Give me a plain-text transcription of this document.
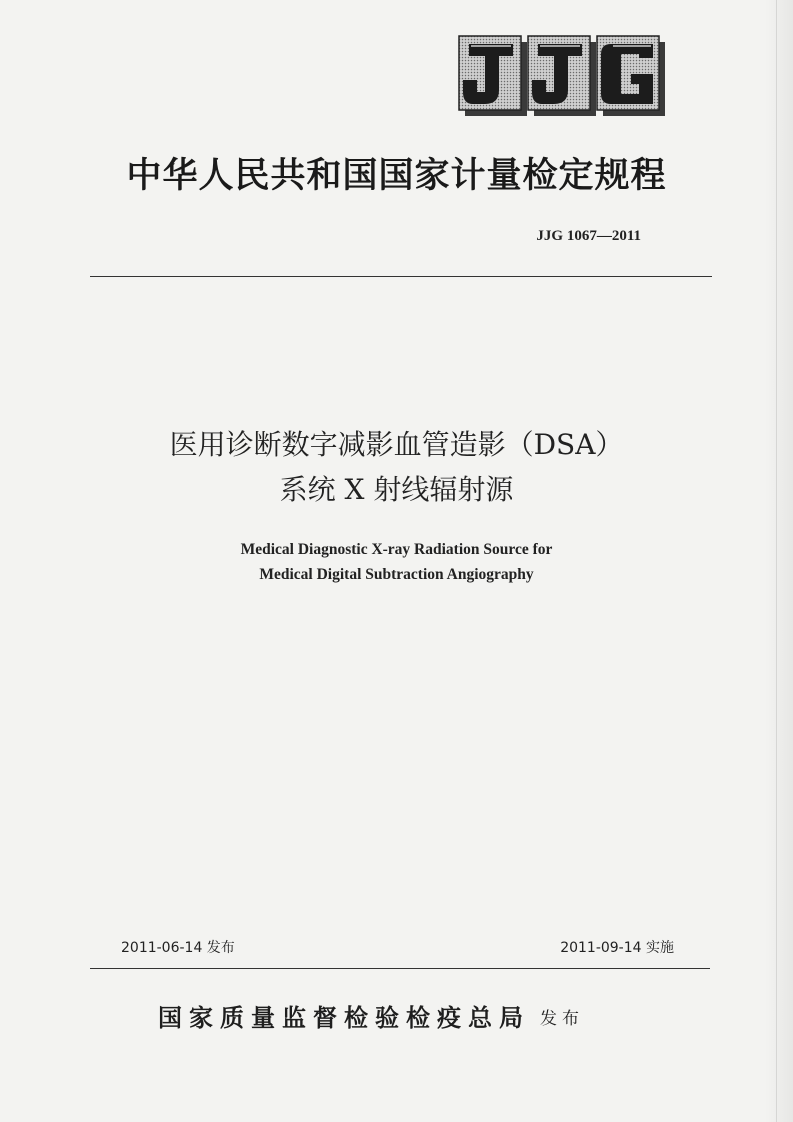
中华人民共和国国家计量检定规程
JJG 1067—2011
医用诊断数字减影血管造影（DSA）
系统 X 射线辐射源
Medical Diagnostic X-ray Radiation Source for
Medical Digital Subtraction Angiography
2011-06-14 发布	2011-09-14 实施
国家质量监督检验检疫总局 发布
